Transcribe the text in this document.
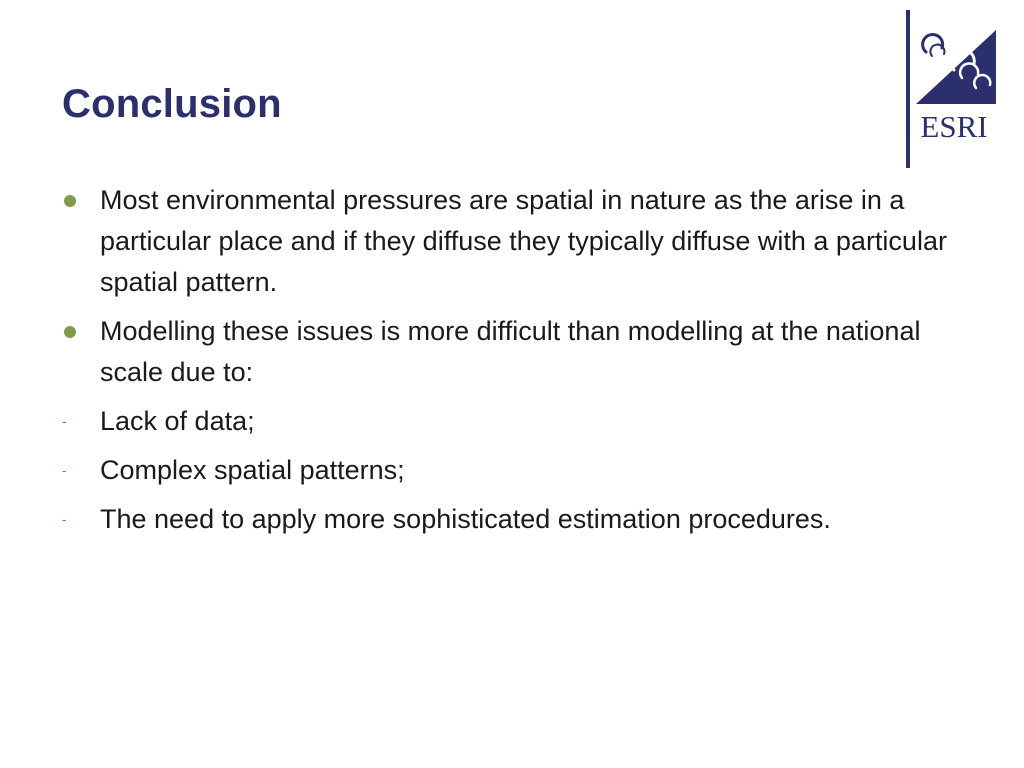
Conclusion
ESRI
Most environmental pressures are spatial in nature as the arise in a particular place and if they diffuse they typically diffuse with a particular spatial pattern.
Modelling these issues is more difficult than modelling at the national scale due to:
- Lack of data;
- Complex spatial patterns;
- The need to apply more sophisticated estimation procedures.
